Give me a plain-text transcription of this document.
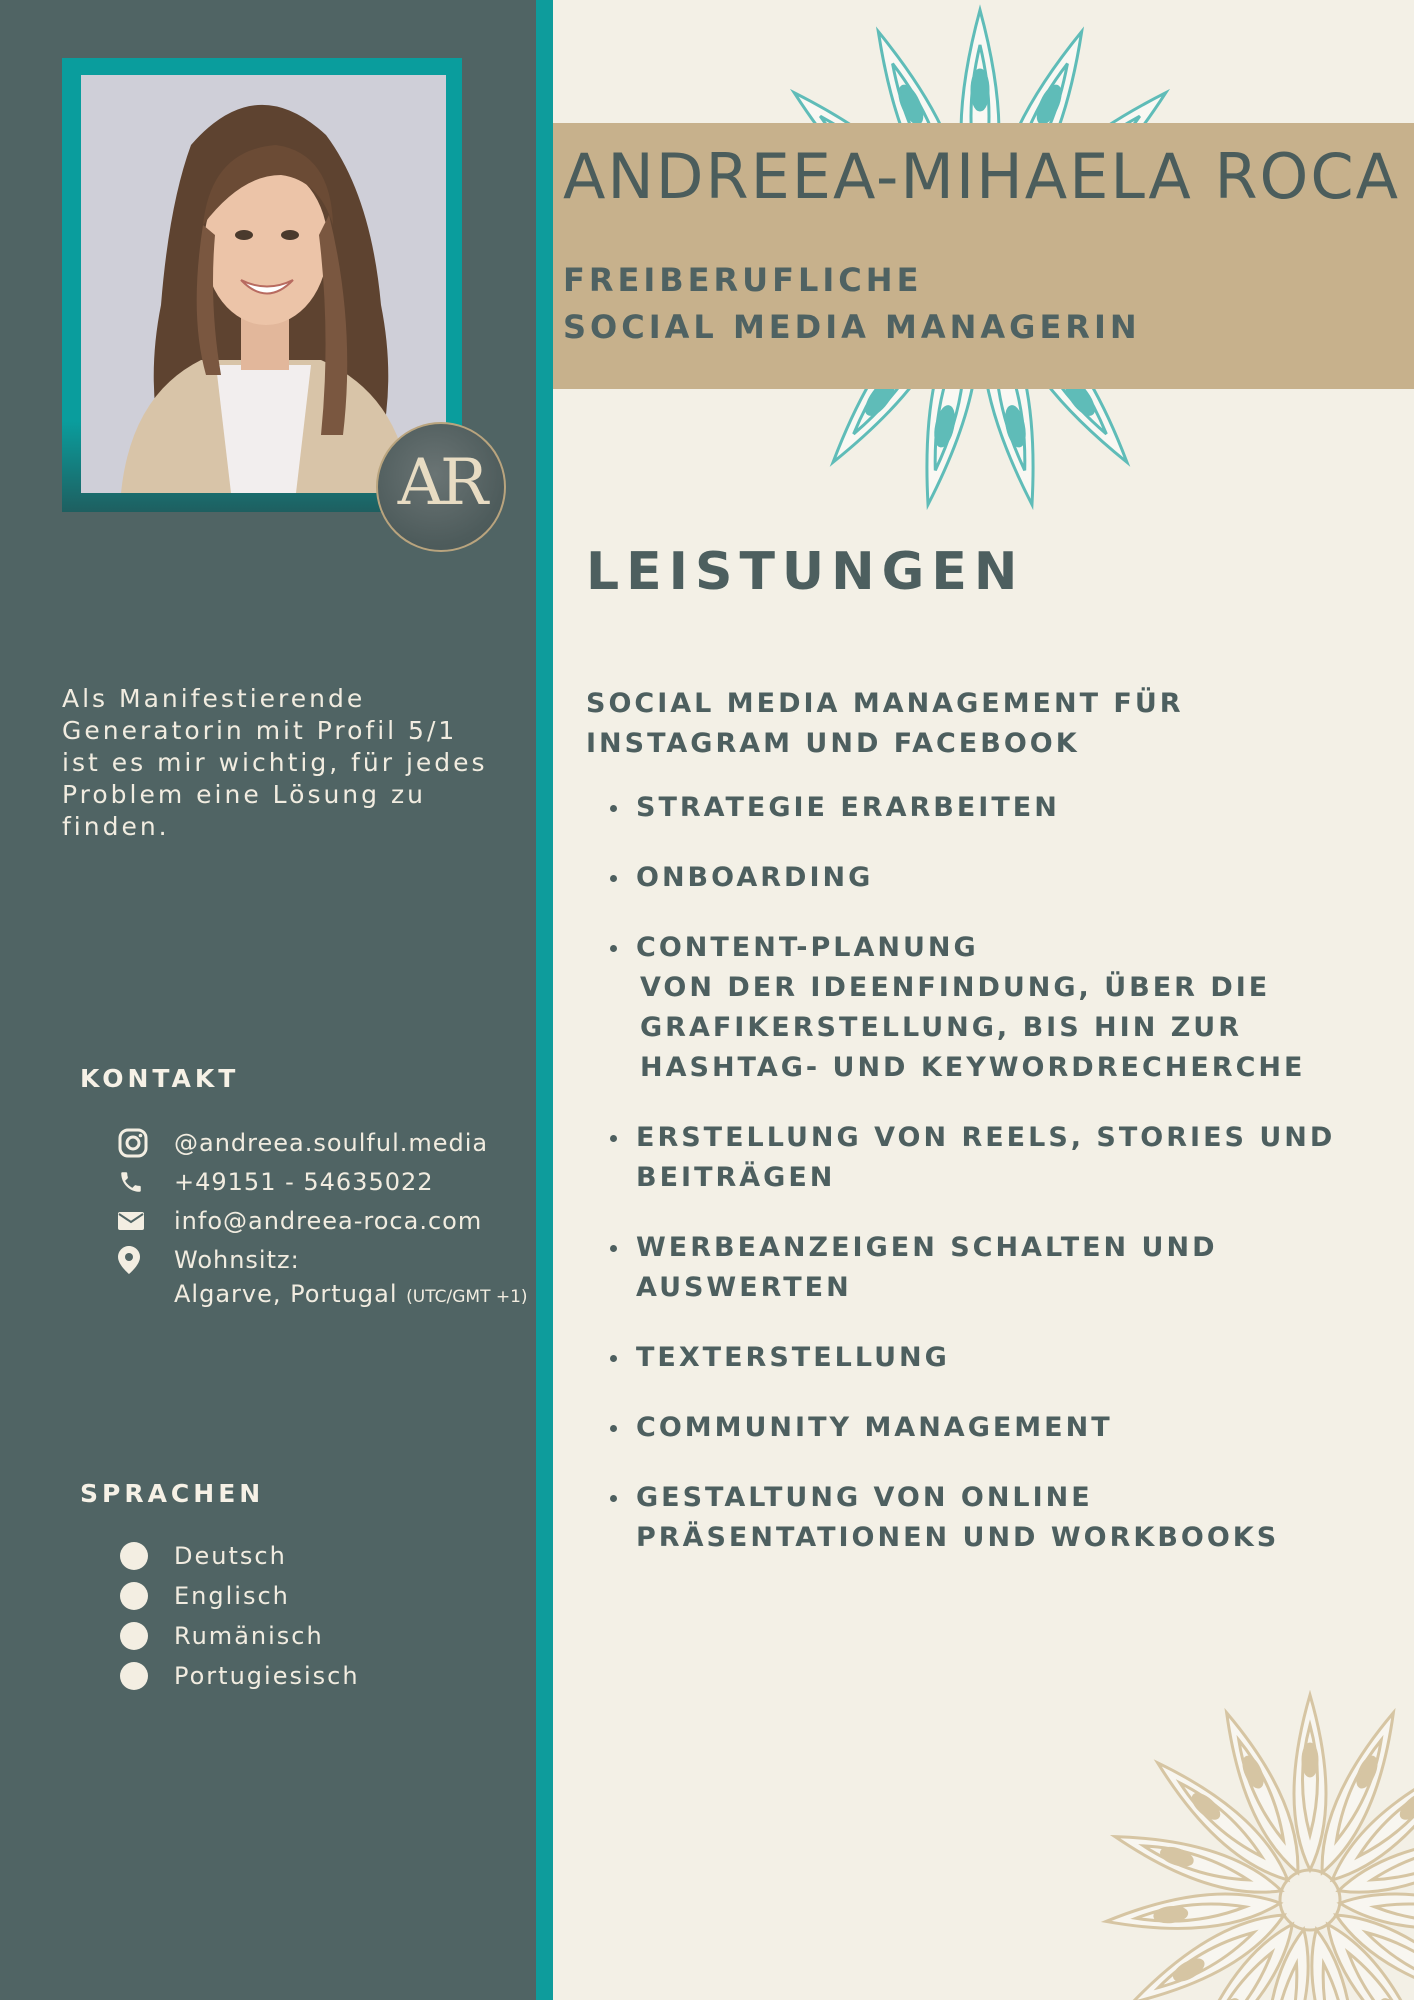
AR
Als Manifestierende
Generatorin mit Profil 5/1
ist es mir wichtig, für jedes
Problem eine Lösung zu
finden.
KONTAKT
@andreea.soulful.media
+49151 - 54635022
info@andreea-roca.com
Wohnsitz:
Algarve, Portugal (UTC/GMT +1)
SPRACHEN
Deutsch
Englisch
Rumänisch
Portugiesisch
ANDREEA-MIHAELA ROCA
FREIBERUFLICHE
SOCIAL MEDIA MANAGERIN
LEISTUNGEN
SOCIAL MEDIA MANAGEMENT FÜR
INSTAGRAM UND FACEBOOK
STRATEGIE ERARBEITEN
ONBOARDING
CONTENT-PLANUNG
VON DER IDEENFINDUNG, ÜBER DIE
GRAFIKERSTELLUNG, BIS HIN ZUR
HASHTAG- UND KEYWORDRECHERCHE
ERSTELLUNG VON REELS, STORIES UND
BEITRÄGEN
WERBEANZEIGEN SCHALTEN UND
AUSWERTEN
TEXTERSTELLUNG
COMMUNITY MANAGEMENT
GESTALTUNG VON ONLINE
PRÄSENTATIONEN UND WORKBOOKS
